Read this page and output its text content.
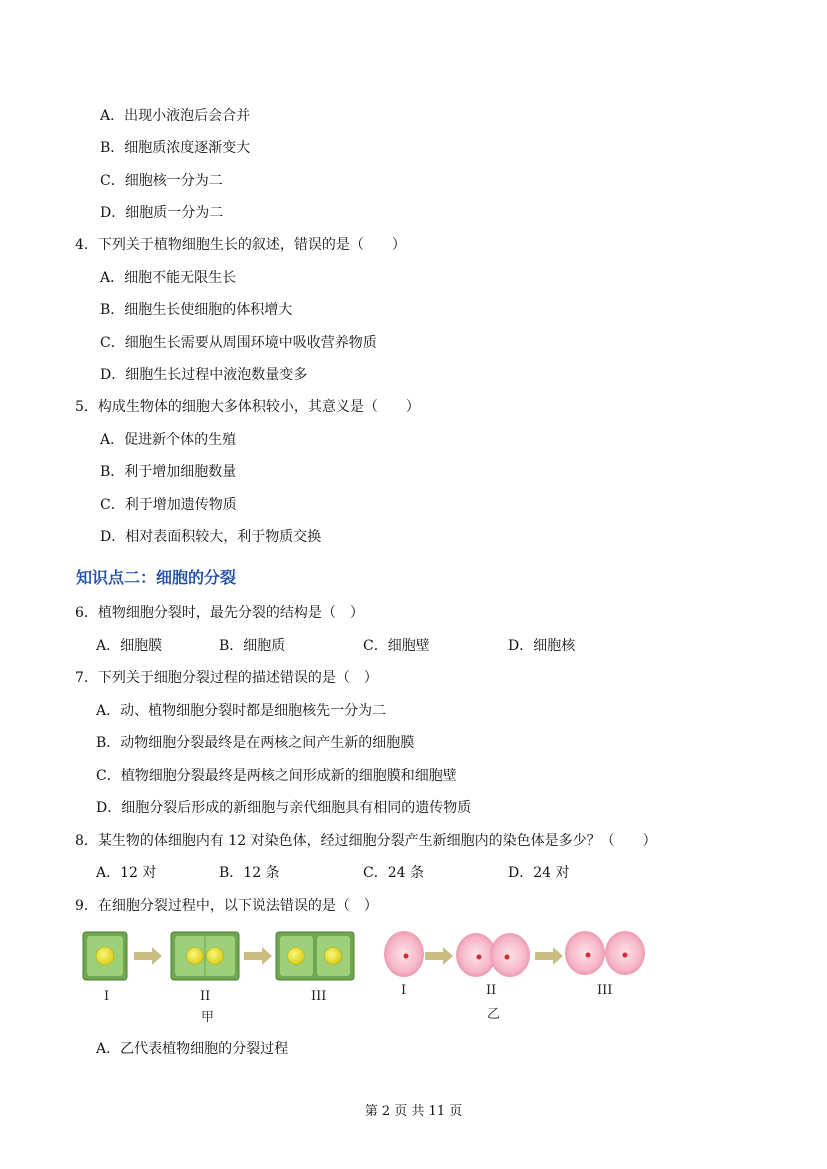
A．出现小液泡后会合并
B．细胞质浓度逐渐变大
C．细胞核一分为二
D．细胞质一分为二
4．下列关于植物细胞生长的叙述，错误的是（　　）
A．细胞不能无限生长
B．细胞生长使细胞的体积增大
C．细胞生长需要从周围环境中吸收营养物质
D．细胞生长过程中液泡数量变多
5．构成生物体的细胞大多体积较小，其意义是（　　）
A．促进新个体的生殖
B．利于增加细胞数量
C．利于增加遗传物质
D．相对表面积较大，利于物质交换
知识点二：细胞的分裂
6．植物细胞分裂时，最先分裂的结构是（　）
A．细胞膜	B．细胞质	C．细胞壁	D．细胞核
7．下列关于细胞分裂过程的描述错误的是（　）
A．动、植物细胞分裂时都是细胞核先一分为二
B．动物细胞分裂最终是在两核之间产生新的细胞膜
C．植物细胞分裂最终是两核之间形成新的细胞膜和细胞壁
D．细胞分裂后形成的新细胞与亲代细胞具有相同的遗传物质
8．某生物的体细胞内有 12 对染色体，经过细胞分裂产生新细胞内的染色体是多少？（　　）
A．12 对	B．12 条	C．24 条	D．24 对
9．在细胞分裂过程中，以下说法错误的是（　）
I	II	III
甲
I	II	III
乙
A．乙代表植物细胞的分裂过程
第 2 页 共 11 页
